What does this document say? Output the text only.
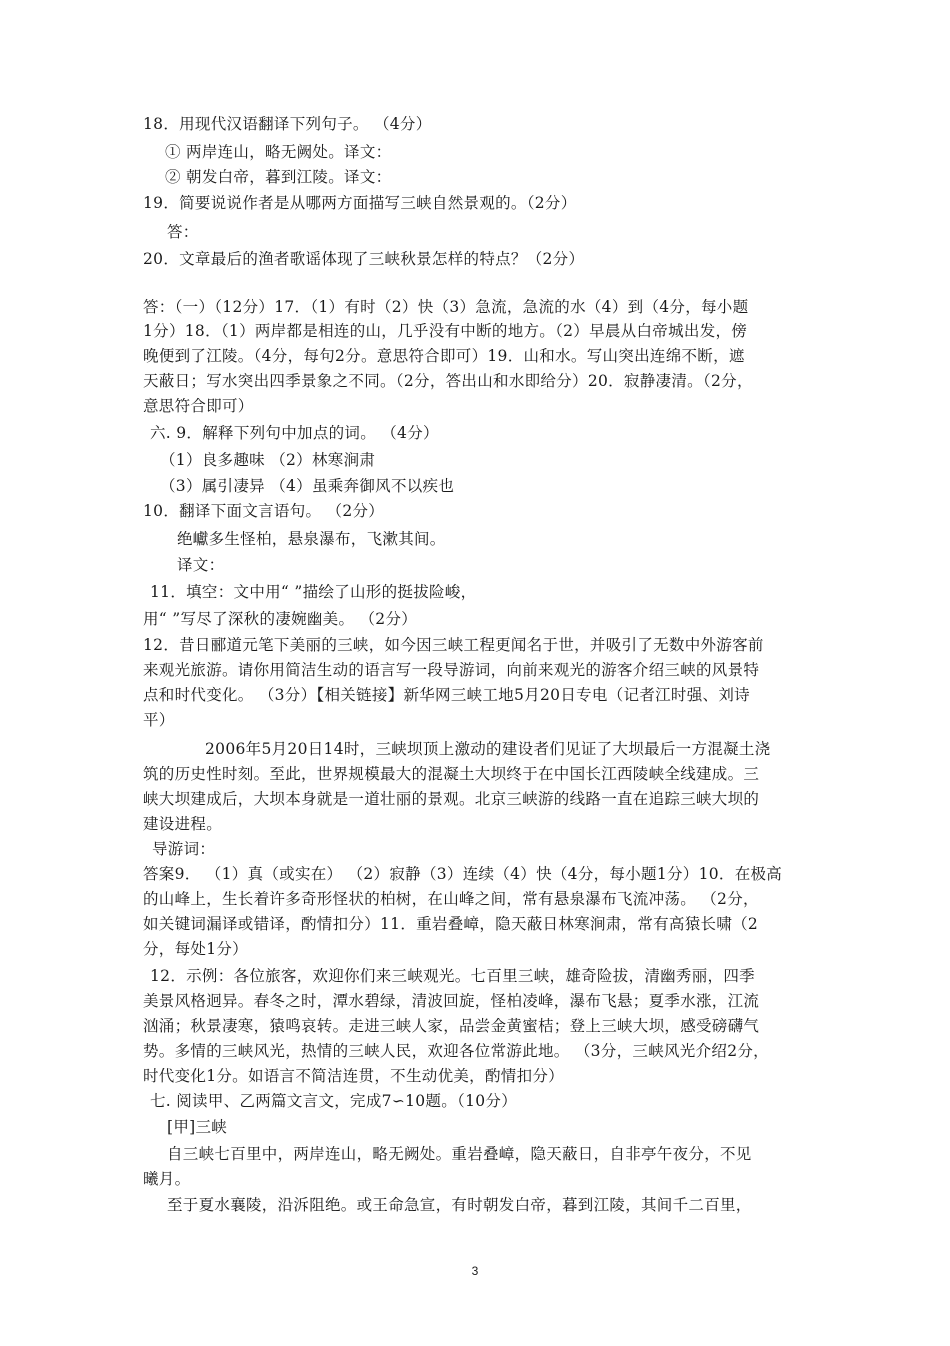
18．用现代汉语翻译下列句子。 （4分）
① 两岸连山，略无阙处。译文：
② 朝发白帝，暮到江陵。译文：
19．简要说说作者是从哪两方面描写三峡自然景观的。（2分）
答：
20．文章最后的渔者歌谣体现了三峡秋景怎样的特点？（2分）
答：（一）（12分）17．（1）有时（2）快（3）急流，急流的水（4）到（4分，每小题
1分）18．（1）两岸都是相连的山，几乎没有中断的地方。（2）早晨从白帝城出发，傍
晚便到了江陵。（4分，每句2分。意思符合即可）19．山和水。写山突出连绵不断，遮
天蔽日；写水突出四季景象之不同。（2分，答出山和水即给分）20．寂静凄清。（2分，
意思符合即可）
六. 9．解释下列句中加点的词。 （4分）
（1）良多趣味 （2）林寒涧肃
（3）属引凄异 （4）虽乘奔御风不以疾也
10．翻译下面文言语句。 （2分）
绝巘多生怪柏，悬泉瀑布，飞漱其间。
译文：
11．填空：文中用“ ”描绘了山形的挺拔险峻，
用“ ”写尽了深秋的凄婉幽美。 （2分）
12．昔日郦道元笔下美丽的三峡，如今因三峡工程更闻名于世，并吸引了无数中外游客前
来观光旅游。请你用简洁生动的语言写一段导游词，向前来观光的游客介绍三峡的风景特
点和时代变化。 （3分）【相关链接】新华网三峡工地5月20日专电（记者江时强、刘诗
平）
2006年5月20日14时，三峡坝顶上激动的建设者们见证了大坝最后一方混凝土浇
筑的历史性时刻。至此，世界规模最大的混凝土大坝终于在中国长江西陵峡全线建成。三
峡大坝建成后，大坝本身就是一道壮丽的景观。北京三峡游的线路一直在追踪三峡大坝的
建设进程。
导游词：
答案9． （1）真（或实在） （2）寂静（3）连续（4）快（4分，每小题1分）10．在极高
的山峰上，生长着许多奇形怪状的柏树，在山峰之间，常有悬泉瀑布飞流冲荡。 （2分，
如关键词漏译或错译，酌情扣分）11．重岩叠嶂，隐天蔽日林寒涧肃，常有高猿长啸（2
分，每处1分）
12．示例：各位旅客，欢迎你们来三峡观光。七百里三峡，雄奇险拔，清幽秀丽，四季
美景风格迥异。春冬之时，潭水碧绿，清波回旋，怪柏凌峰，瀑布飞悬；夏季水涨，江流
汹涌；秋景凄寒，猿鸣哀转。走进三峡人家，品尝金黄蜜桔；登上三峡大坝，感受磅礴气
势。多情的三峡风光，热情的三峡人民，欢迎各位常游此地。 （3分，三峡风光介绍2分，
时代变化1分。如语言不简洁连贯，不生动优美，酌情扣分）
七. 阅读甲、乙两篇文言文，完成7∽10题。（10分）
[甲]三峡
自三峡七百里中，两岸连山，略无阙处。重岩叠嶂，隐天蔽日，自非亭午夜分，不见
曦月。
至于夏水襄陵，沿泝阻绝。或王命急宣，有时朝发白帝，暮到江陵，其间千二百里，
3
